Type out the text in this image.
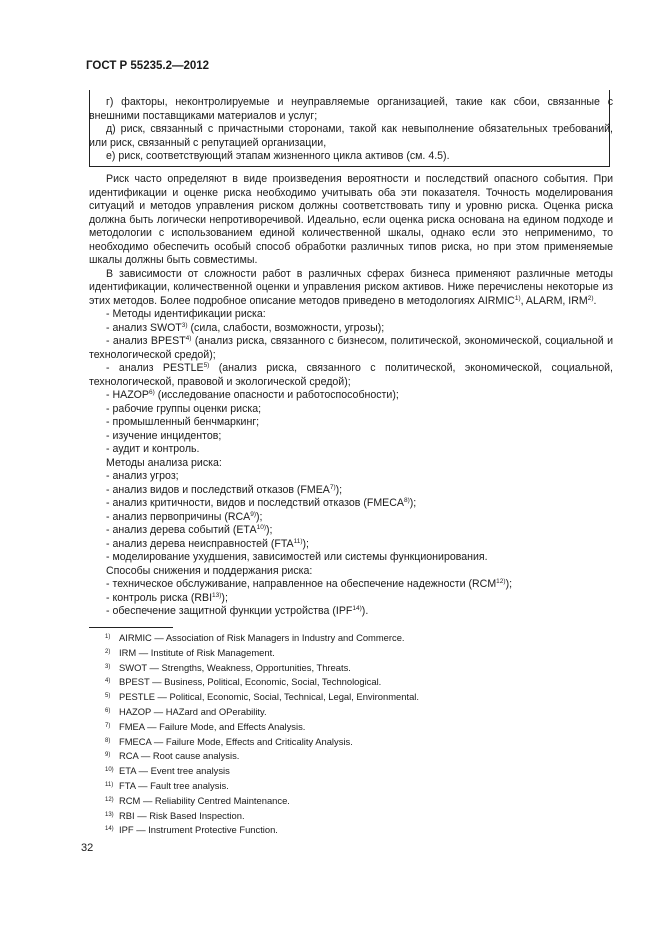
ГОСТ Р 55235.2—2012

г) факторы, неконтролируемые и неуправляемые организацией, такие как сбои, связанные с внешними поставщиками материалов и услуг;

д) риск, связанный с причастными сторонами, такой как невыполнение обязательных требований, или риск, связанный с репутацией организации,

е) риск, соответствующий этапам жизненного цикла активов (см. 4.5).

Риск часто определяют в виде произведения вероятности и последствий опасного события. При идентификации и оценке риска необходимо учитывать оба эти показателя. Точность моделирования ситуаций и методов управления риском должны соответствовать типу и уровню риска. Оценка риска должна быть логически непротиворечивой. Идеально, если оценка риска основана на едином подходе и методологии с использованием единой количественной шкалы, однако если это неприменимо, то необходимо обеспечить особый способ обработки различных типов риска, но при этом применяемые шкалы должны быть совместимы.

В зависимости от сложности работ в различных сферах бизнеса применяют различные методы идентификации, количественной оценки и управления риском активов. Ниже перечислены некоторые из этих методов. Более подробное описание методов приведено в методологиях AIRMIC$^{1)}$, ALARM, IRM$^{2)}$.

- Методы идентификации риска:

- анализ SWOT$^{3)}$ (сила, слабости, возможности, угрозы);

- анализ BPEST$^{4)}$ (анализ риска, связанного с бизнесом, политической, экономической, социальной и технологической средой);

- анализ PESTLE$^{5)}$ (анализ риска, связанного с политической, экономической, социальной, технологической, правовой и экологической средой);

- HAZOP$^{6)}$ (исследование опасности и работоспособности);

- рабочие группы оценки риска;

- промышленный бенчмаркинг;

- изучение инцидентов;

- аудит и контроль.

Методы анализа риска:

- анализ угроз;

- анализ видов и последствий отказов (FMEA$^{7)}$);

- анализ критичности, видов и последствий отказов (FMECA$^{8)}$);

- анализ первопричины (RCA$^{9)}$);

- анализ дерева событий (ЕТА$^{10)}$);

- анализ дерева неисправностей (FTA$^{11)}$);

- моделирование ухудшения, зависимостей или системы функционирования.

Способы снижения и поддержания риска:

- техническое обслуживание, направленное на обеспечение надежности (RCM$^{12)}$);

- контроль риска (RBI$^{13)}$);

- обеспечение защитной функции устройства (IPF$^{14)}$).

1) AIRMIC — Association of Risk Managers in Industry and Commerce.
2) IRM — Institute of Risk Management.
3) SWOT — Strengths, Weakness, Opportunities, Threats.
4) BPEST — Business, Political, Economic, Social, Technological.
5) PESTLE — Political, Economic, Social, Technical, Legal, Environmental.
6) HAZOP — HAZard and OPerability.
7) FMEA — Failure Mode, and Effects Analysis.
8) FMECA — Failure Mode, Effects and Criticality Analysis.
9) RCA — Root cause analysis.
10) ETA — Event tree analysis
11) FTA — Fault tree analysis.
12) RCM — Reliability Centred Maintenance.
13) RBI — Risk Based Inspection.
14) IPF — Instrument Protective Function.
32
